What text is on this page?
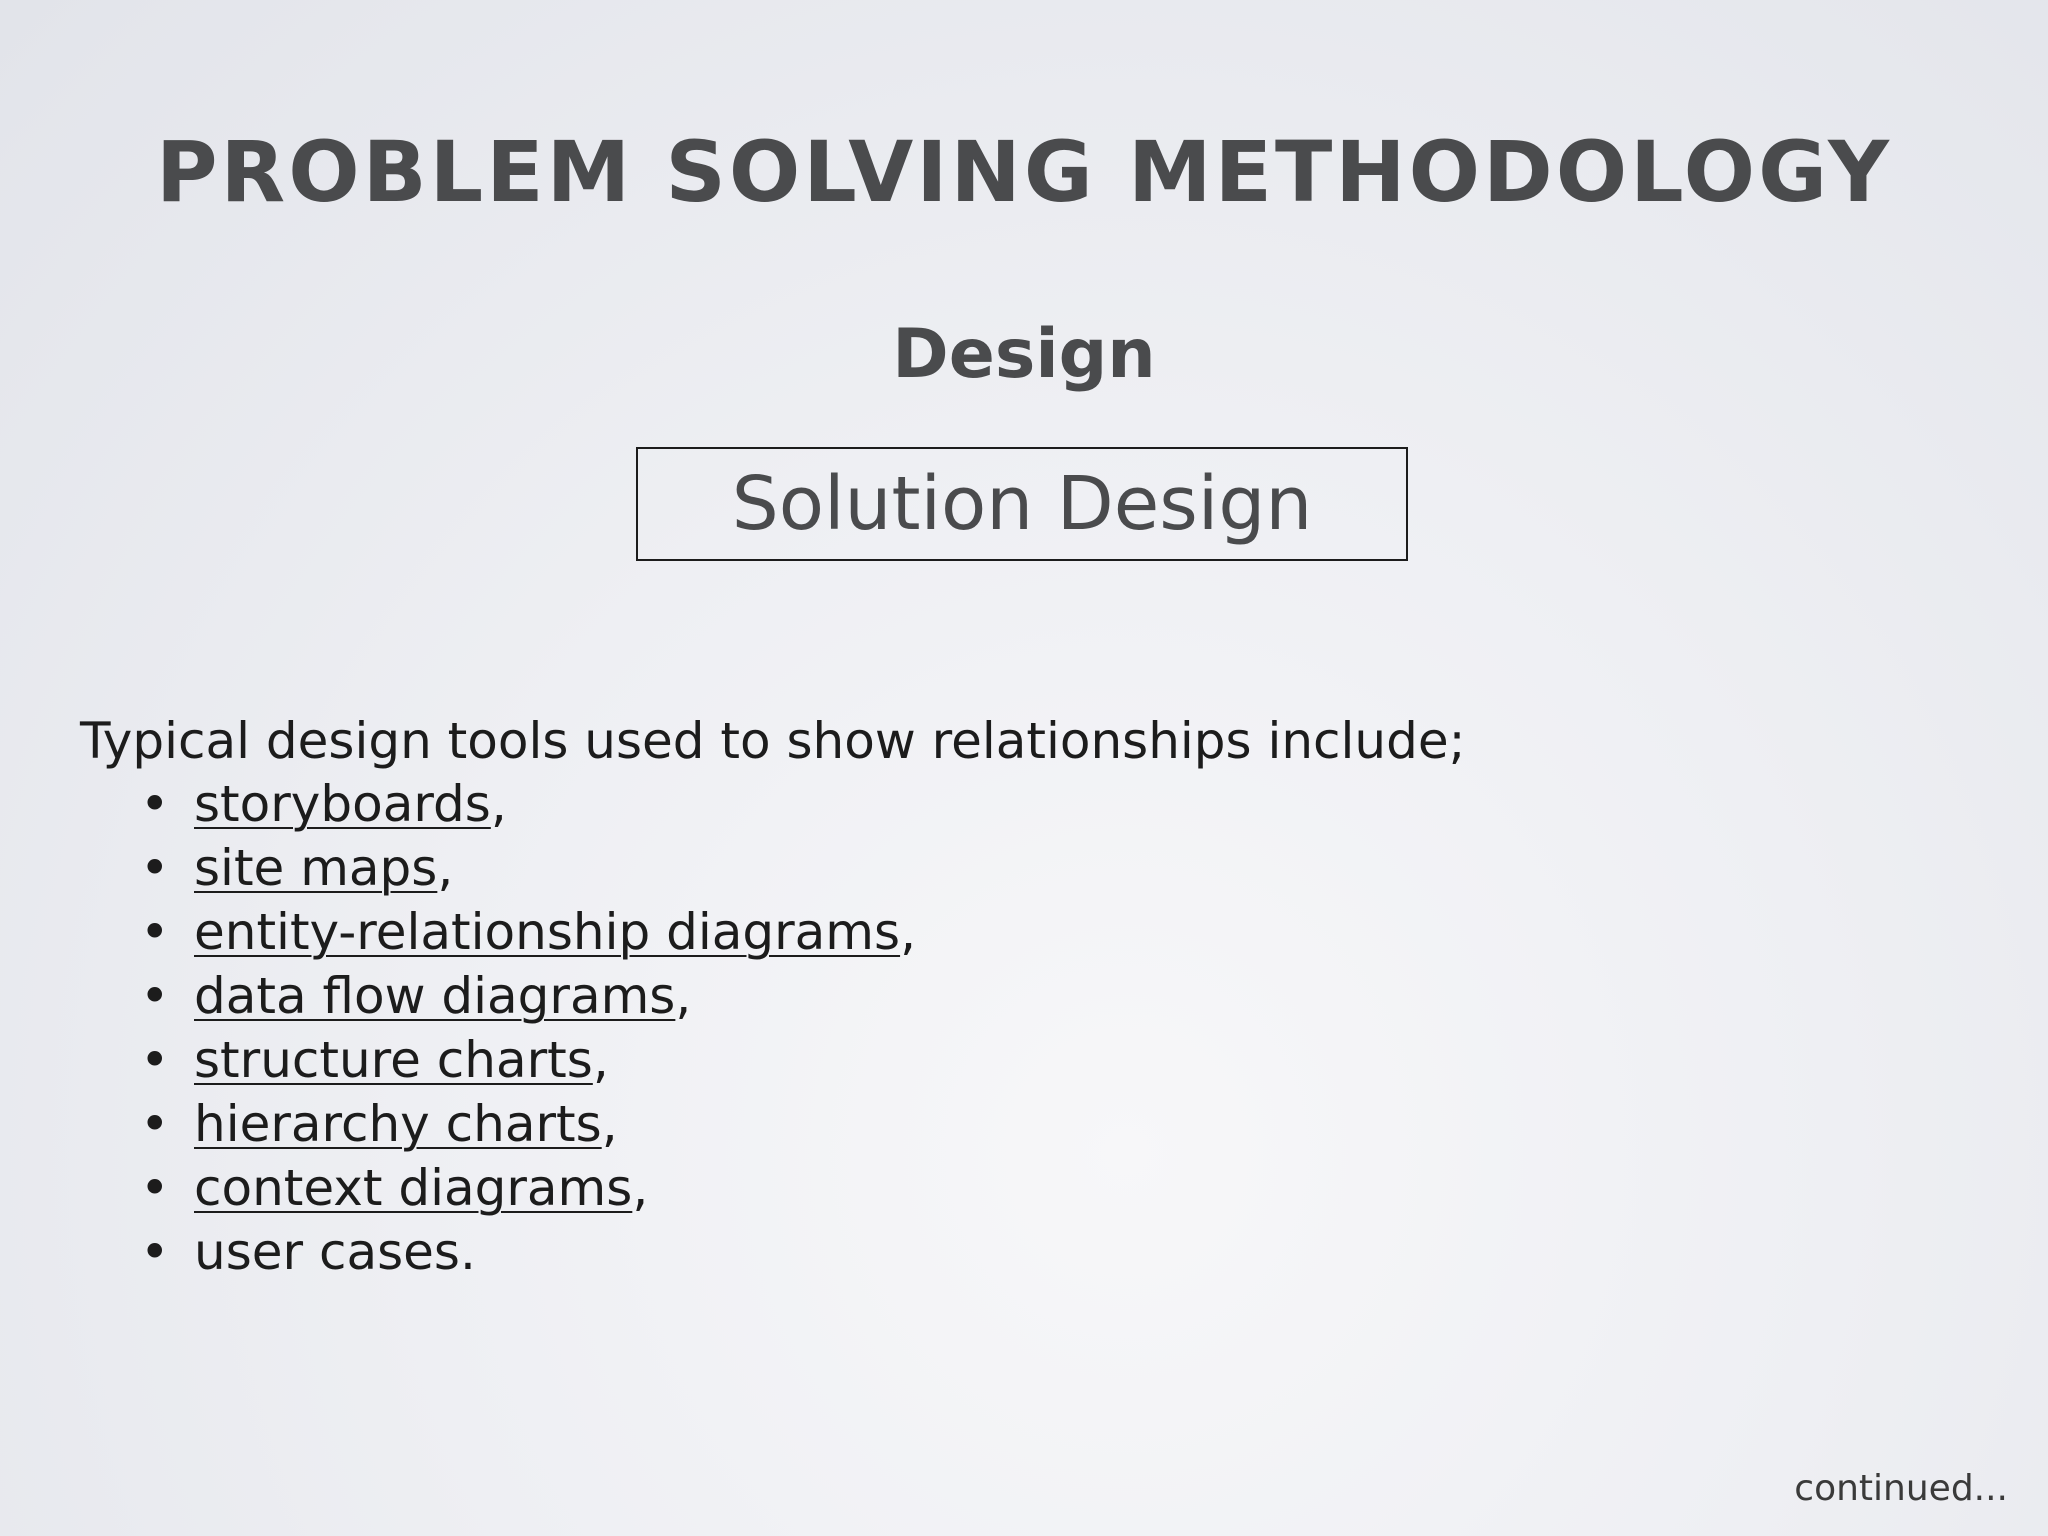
PROBLEM SOLVING METHODOLOGY
Design
Solution Design
Typical design tools used to show relationships include;
• storyboards,
• site maps,
• entity-relationship diagrams,
• data flow diagrams,
• structure charts,
• hierarchy charts,
• context diagrams,
• user cases.
continued...
